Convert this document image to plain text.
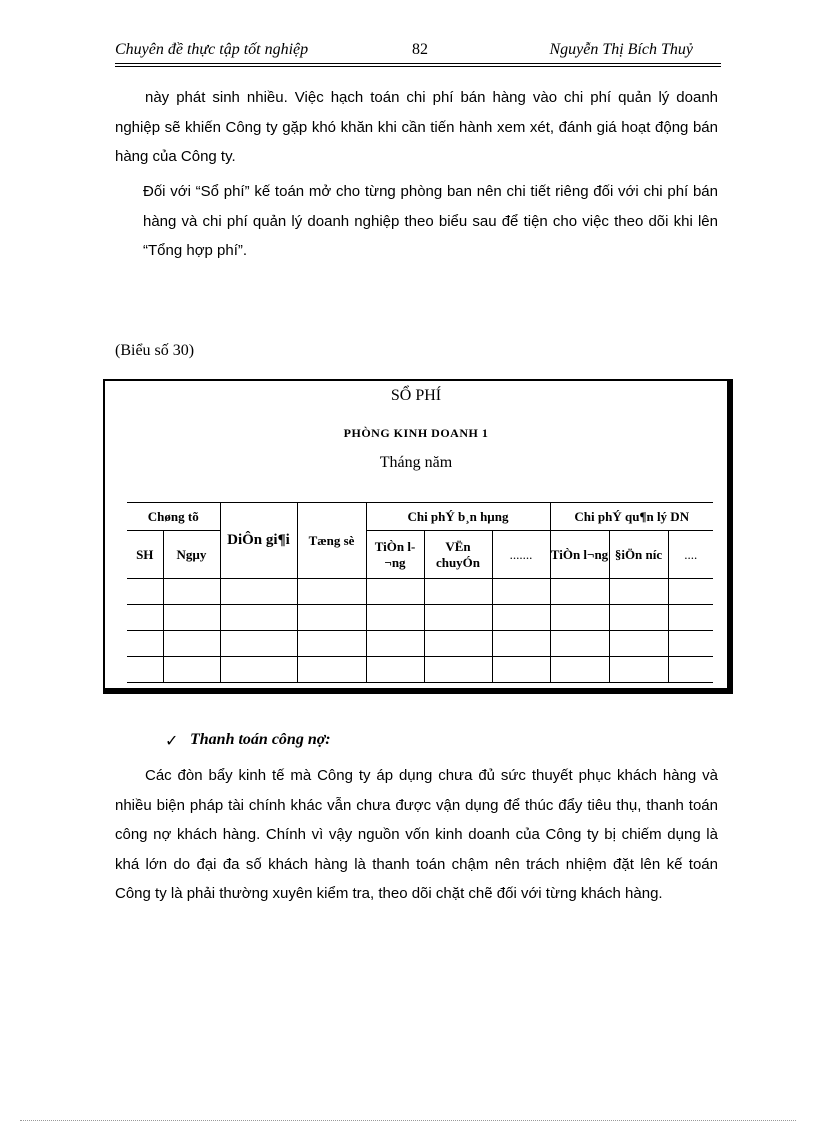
Chuyên đề thực tập tốt nghiệp	82	Nguyễn Thị Bích Thuỷ

này phát sinh nhiều. Việc hạch toán chi phí bán hàng vào chi phí quản lý doanh nghiệp sẽ khiến Công ty gặp khó khăn khi cần tiến hành xem xét, đánh giá hoạt động bán hàng của Công ty.

Đối với “Sổ phí” kế toán mở cho từng phòng ban nên chi tiết riêng đối với chi phí bán hàng và chi phí quản lý doanh nghiệp theo biểu sau để tiện cho việc theo dõi khi lên “Tổng hợp phí”.

(Biểu số 30)
SỔ PHÍ
PHÒNG KINH DOANH 1
Tháng năm
Chøng tõ		DiÔn gi¶i	Tæng sè	Chi phÝ b¸n hµng			Chi phÝ qu¶n lý DN		
SH	Ngµy			TiÒn l¬ng	VËn chuyÓn	.......	TiÒn l¬ng	§iÖn níc	....

✓ Thanh toán công nợ:

Các đòn bẩy kinh tế mà Công ty áp dụng chưa đủ sức thuyết phục khách hàng và nhiều biện pháp tài chính khác vẫn chưa được vận dụng để thúc đẩy tiêu thụ, thanh toán công nợ khách hàng. Chính vì vậy nguồn vốn kinh doanh của Công ty bị chiếm dụng là khá lớn do đại đa số khách hàng là thanh toán chậm nên trách nhiệm đặt lên kế toán Công ty là phải thường xuyên kiểm tra, theo dõi chặt chẽ đối với từng khách hàng.
